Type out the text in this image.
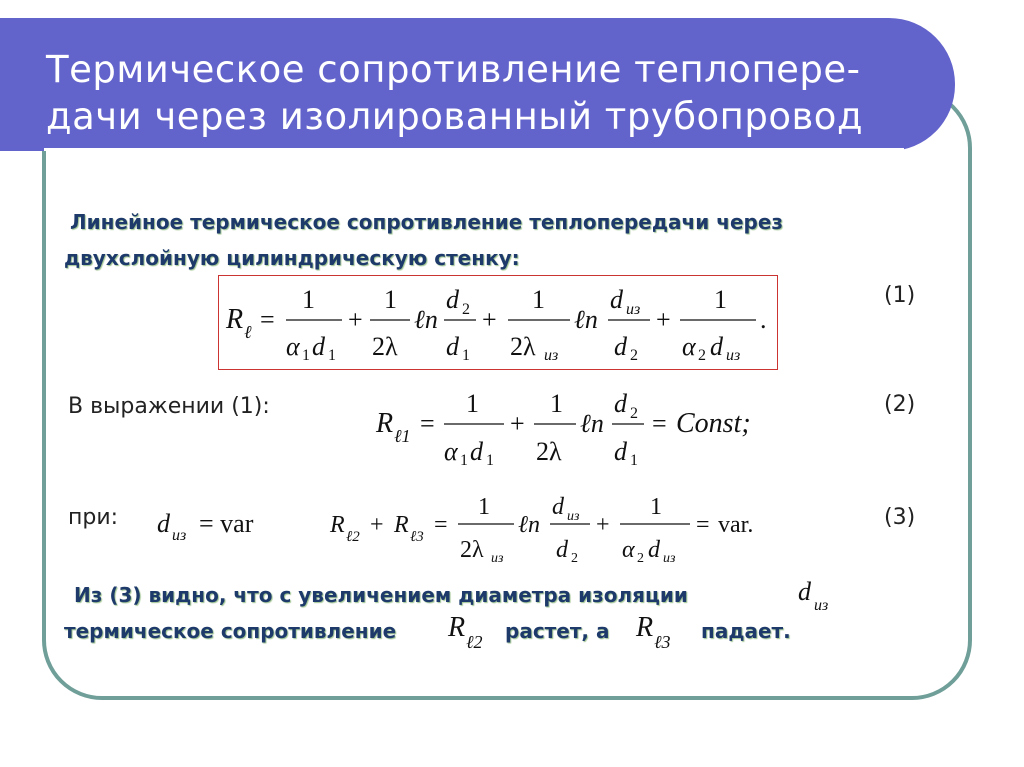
Термическое сопротивление теплопере-
дачи через изолированный трубопровод
Линейное термическое сопротивление теплопередачи через
двухслойную цилиндрическую стенку:
R ℓ =
1
α 1 d 1
+
1
2λ
ℓn
d 2
d 1
+
1
2λ из
ℓn
d из
d 2
+
1
α 2 d из
.
(1)
В выражении (1):
R ℓ1 =
1
α 1 d 1
+
1
2λ
ℓn
d 2
d 1
= Const;
(2)
при: d из = var	R ℓ2 + R ℓ3 =
1
2λ из
ℓn
d из
d 2
+
1
α 2 d из
= var.	(3)
Из (3) видно, что с увеличением диаметра изоляции
термическое сопротивление	растет, а	падает.
d из
R ℓ2	R ℓ3
